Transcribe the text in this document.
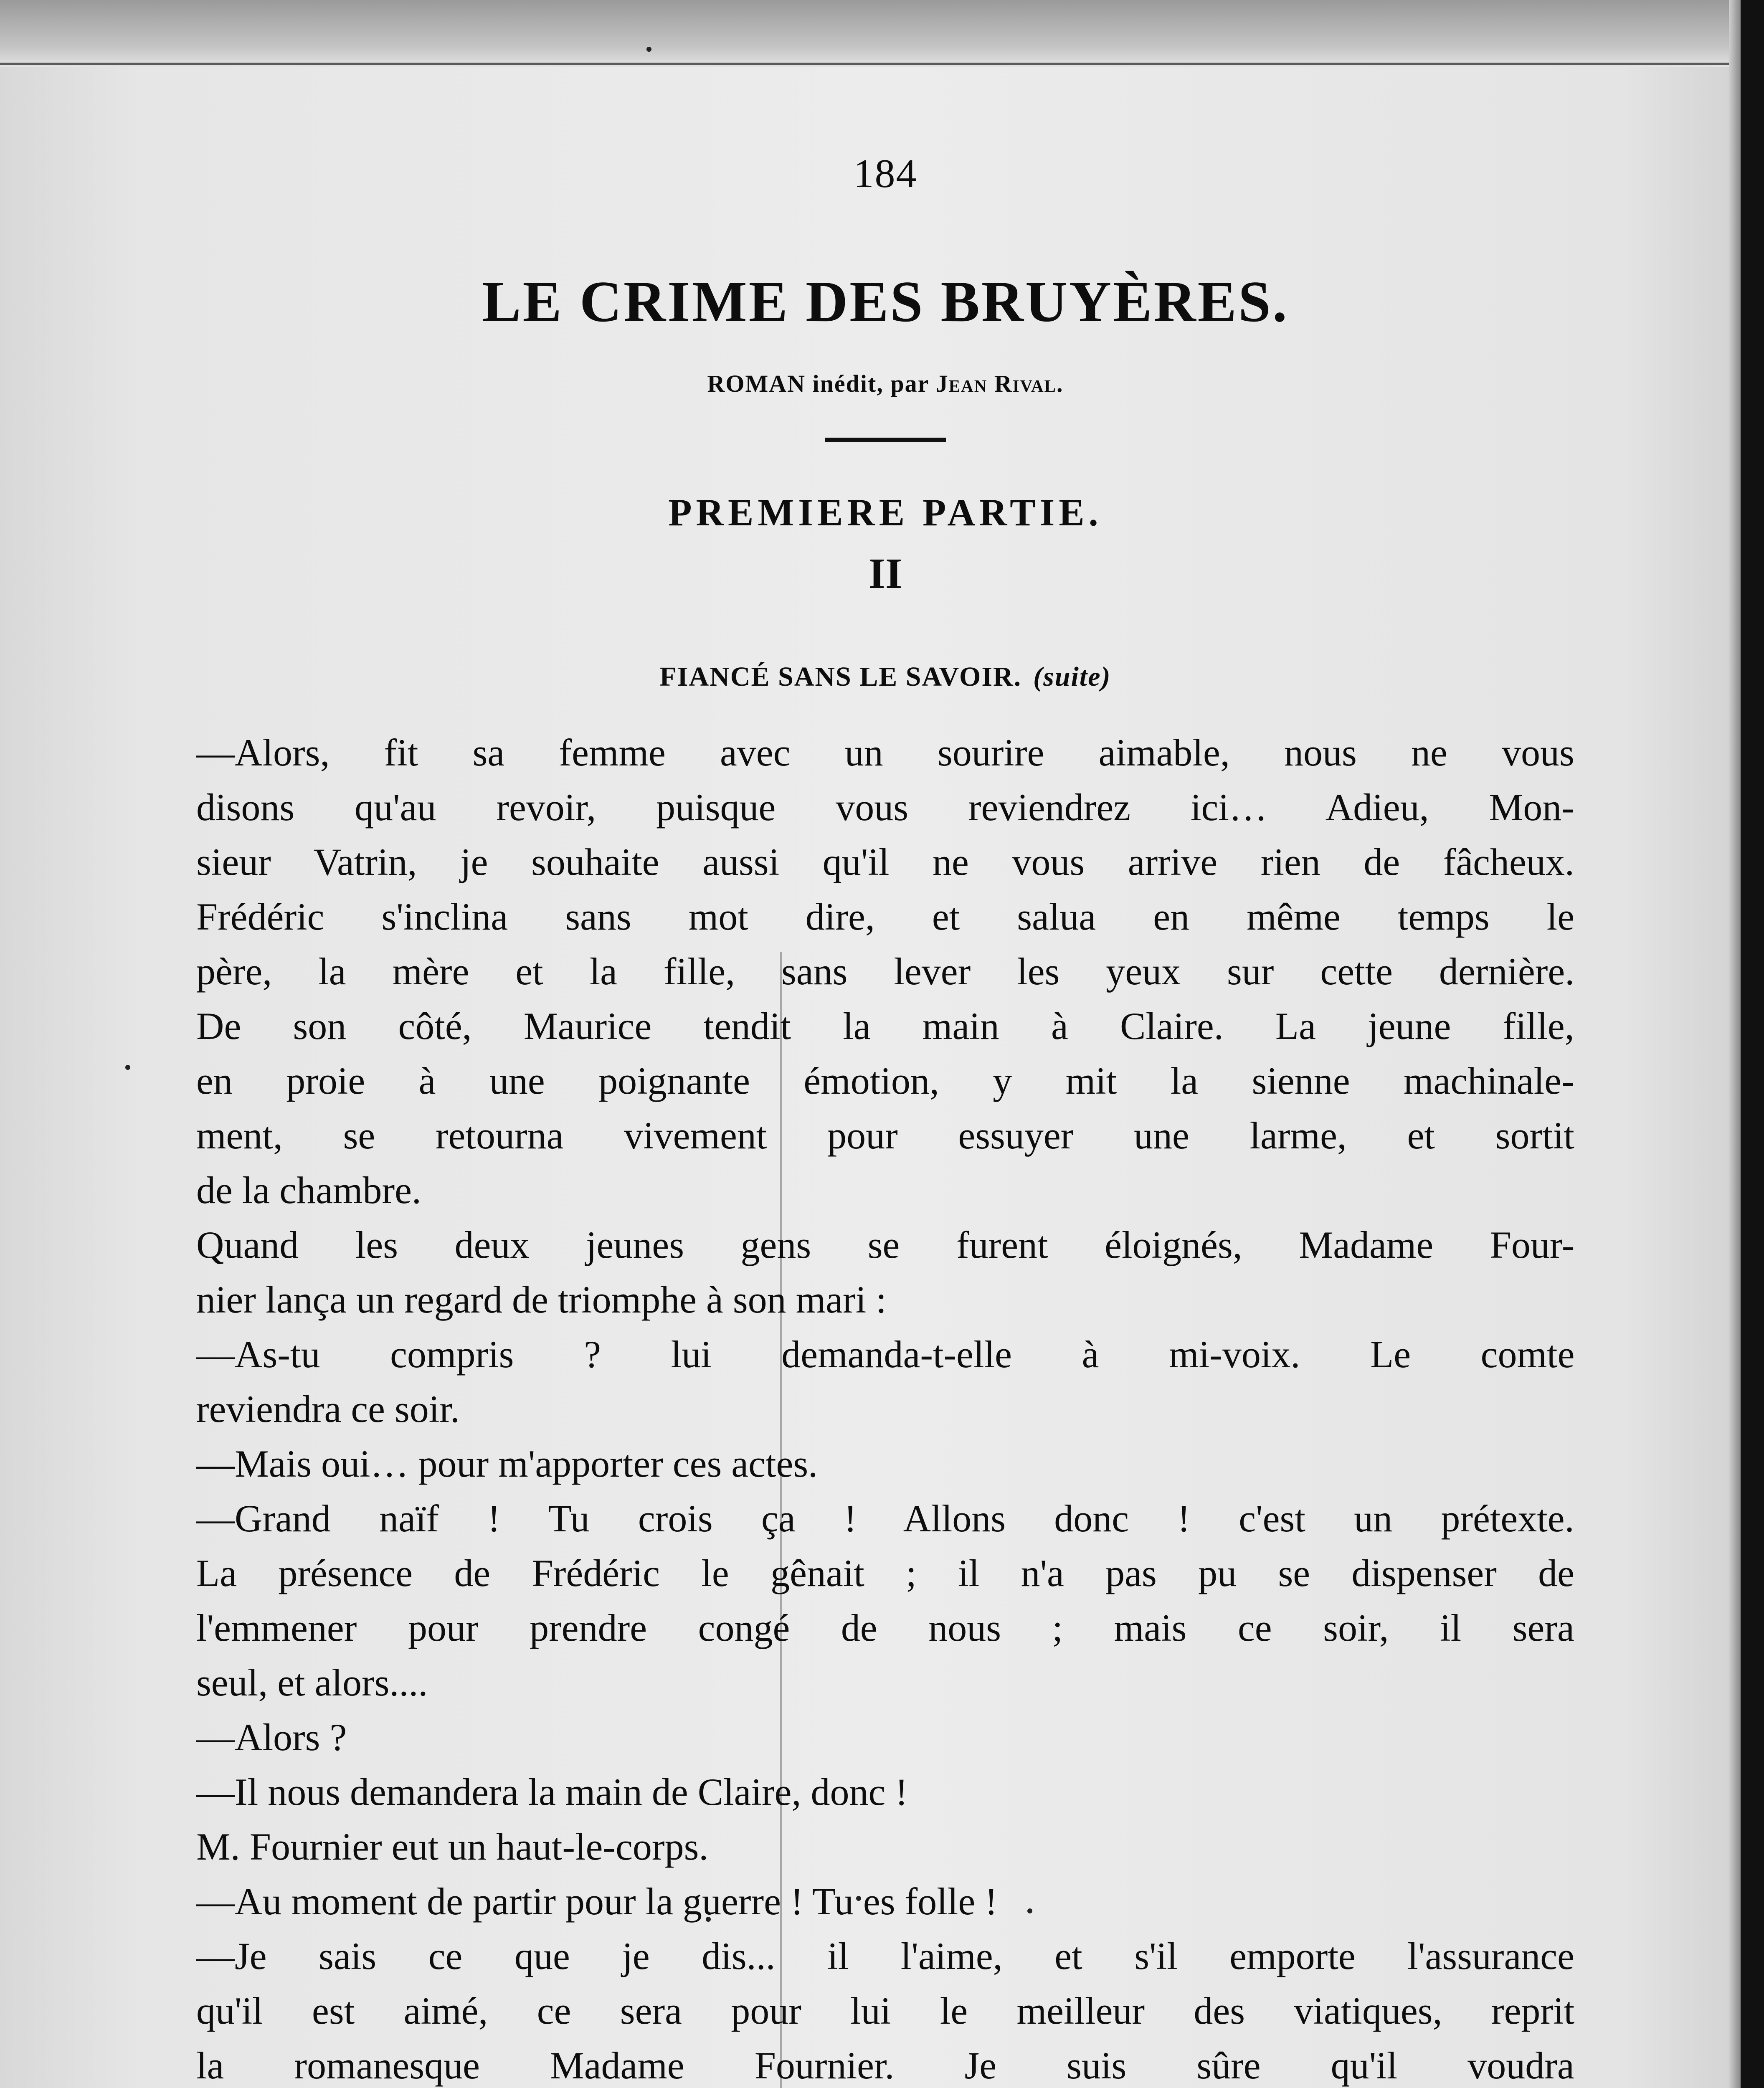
184
LE CRIME DES BRUYÈRES.
ROMAN inédit, par Jean Rival.
PREMIERE PARTIE.
II
FIANCÉ SANS LE SAVOIR. (suite)

—Alors, fit sa femme avec un sourire aimable, nous ne vous

disons qu'au revoir, puisque vous reviendrez ici… Adieu, Mon-

sieur Vatrin, je souhaite aussi qu'il ne vous arrive rien de fâcheux.

Frédéric s'inclina sans mot dire, et salua en même temps le

père, la mère et la fille, sans lever les yeux sur cette dernière.

De son côté, Maurice tendit la main à Claire. La jeune fille,

en proie à une poignante émotion, y mit la sienne machinale-

ment, se retourna vivement pour essuyer une larme, et sortit

de la chambre.

Quand les deux jeunes gens se furent éloignés, Madame Four-

nier lança un regard de triomphe à son mari :

—As-tu compris ? lui demanda-t-elle à mi-voix. Le comte

reviendra ce soir.

—Mais oui… pour m'apporter ces actes.

—Grand naïf ! Tu crois ça ! Allons donc ! c'est un prétexte.

La présence de Frédéric le gênait ; il n'a pas pu se dispenser de

l'emmener pour prendre congé de nous ; mais ce soir, il sera

seul, et alors....

—Alors ?

—Il nous demandera la main de Claire, donc !

M. Fournier eut un haut-le-corps.

—Au moment de partir pour la guerre ! Tu es folle !

—Je sais ce que je dis... il l'aime, et s'il emporte l'assurance

qu'il est aimé, ce sera pour lui le meilleur des viatiques, reprit

la romanesque Madame Fournier. Je suis sûre qu'il voudra
